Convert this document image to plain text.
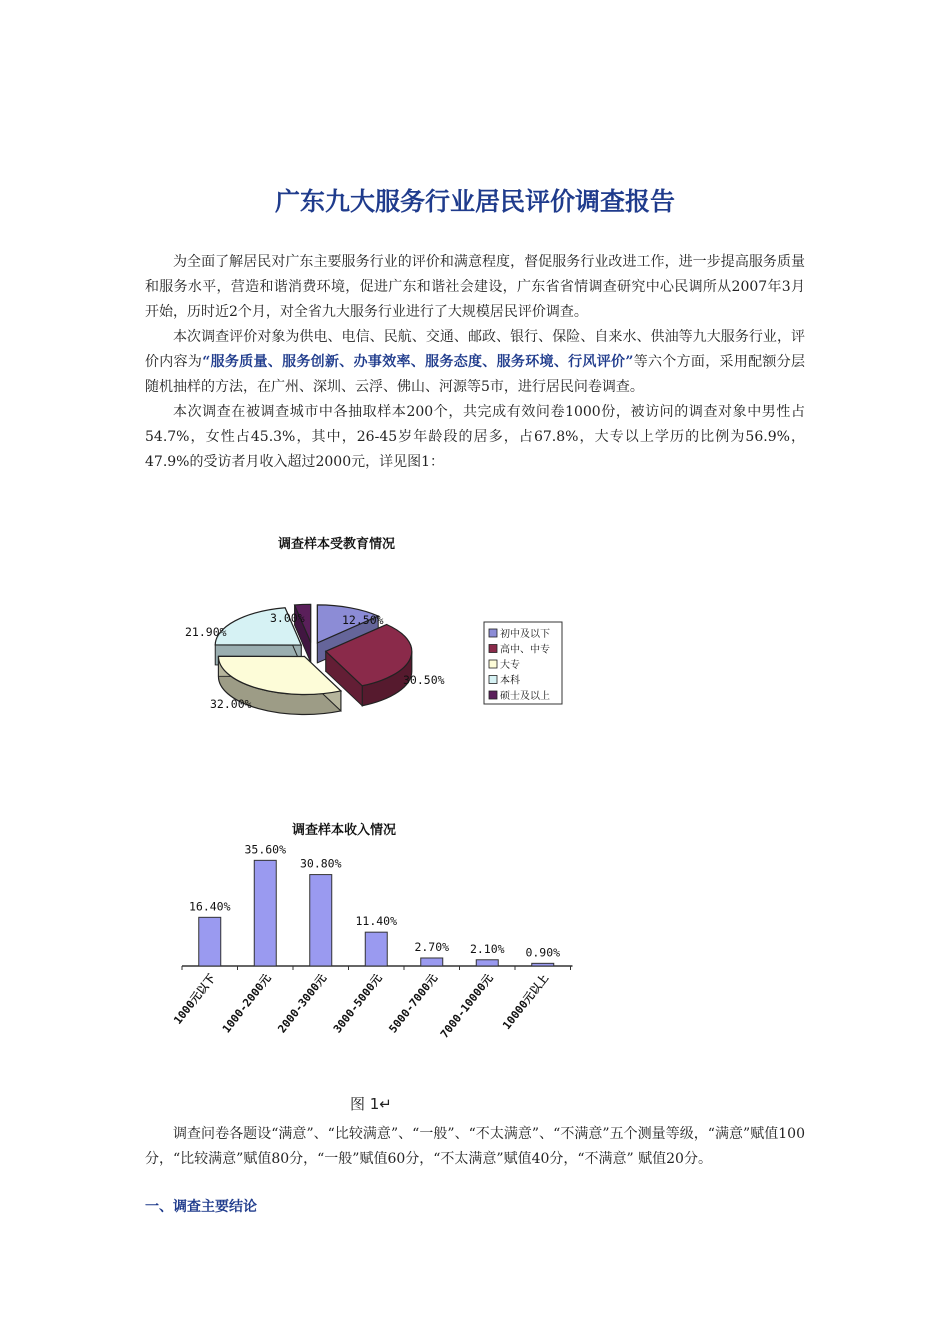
广东九大服务行业居民评价调查报告

为全面了解居民对广东主要服务行业的评价和满意程度，督促服务行业改进工作，进一步提高服务质量和服务水平，营造和谐消费环境，促进广东和谐社会建设，广东省省情调查研究中心民调所从2007年3月开始，历时近2个月，对全省九大服务行业进行了大规模居民评价调查。

本次调查评价对象为供电、电信、民航、交通、邮政、银行、保险、自来水、供油等九大服务行业，评价内容为“服务质量、服务创新、办事效率、服务态度、服务环境、行风评价”等六个方面，采用配额分层随机抽样的方法，在广州、深圳、云浮、佛山、河源等5市，进行居民问卷调查。

本次调查在被调查城市中各抽取样本200个，共完成有效问卷1000份，被访问的调查对象中男性占54.7%，女性占45.3%，其中，26-45岁年龄段的居多，占67.8%，大专以上学历的比例为56.9%，47.9%的受访者月收入超过2000元，详见图1：

调查样本受教育情况
12.50%
30.50%
32.00%
21.90%
3.00%
初中及以下
高中、中专
大专
本科
硕士及以上
调查样本收入情况
16.40%
1000元以下
35.60%
1000-2000元
30.80%
2000-3000元
11.40%
3000-5000元
2.70%
5000-7000元
2.10%
7000-10000元
0.90%
10000元以上
图 1↵

调查问卷各题设“满意”、“比较满意”、“一般”、“不太满意”、“不满意”五个测量等级，“满意”赋值100分，“比较满意”赋值80分，“一般”赋值60分，“不太满意”赋值40分，“不满意” 赋值20分。

一、调查主要结论
